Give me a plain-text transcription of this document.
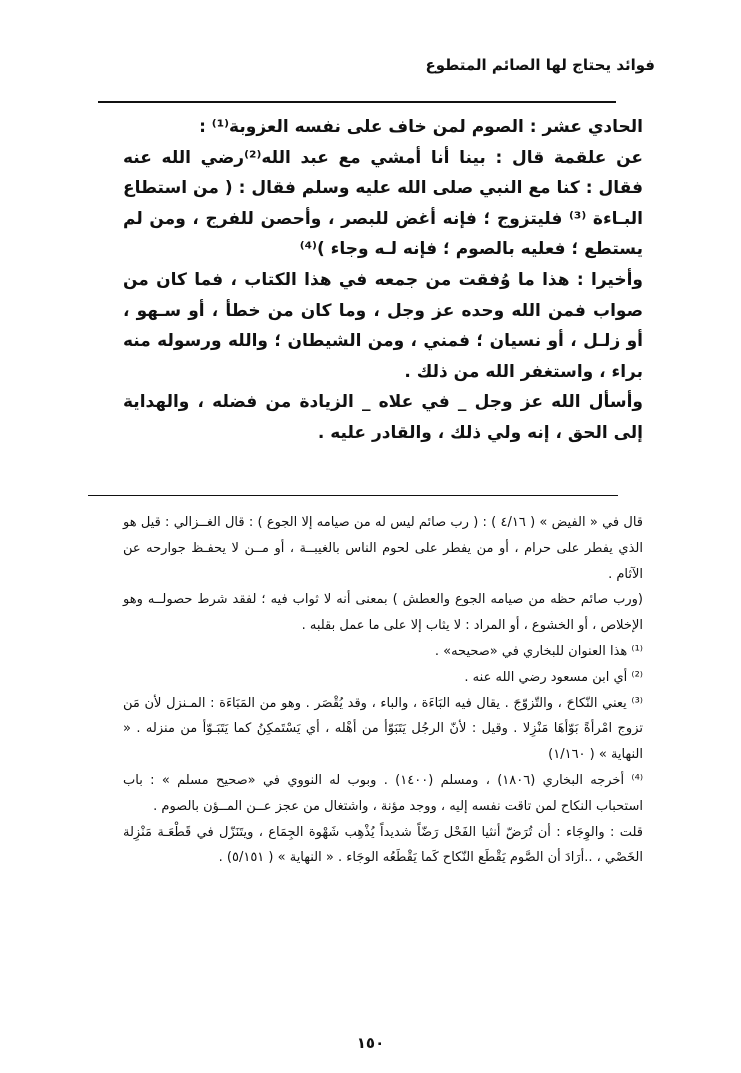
فوائد يحتاج لها الصائم المتطوع

الحادي عشر : الصوم لمن خاف على نفسه العزوبة⁽¹⁾ :

عن علقمة قال : بينا أنا أمشي مع عبد الله⁽²⁾رضي الله عنه فقال : كنا مع النبي صلى الله عليه وسلم فقال : ( من استطاع البـاءة ⁽³⁾ فليتزوج ؛ فإنه أغض للبصر ، وأحصن للفرج ، ومن لم يستطع ؛ فعليه بالصوم ؛ فإنه لـه وجاء )⁽⁴⁾

وأخيرا : هذا ما وُفقت من جمعه في هذا الكتاب ، فما كان من صواب فمن الله وحده عز وجل ، وما كان من خطأ ، أو سـهو ، أو زلـل ، أو نسيان ؛ فمني ، ومن الشيطان ؛ والله ورسوله منه براء ، واستغفر الله من ذلك .

وأسأل الله عز وجل _ في علاه _ الزيادة من فضله ، والهداية إلى الحق ، إنه ولي ذلك ، والقادر عليه .

قال في « الفيض » ( ٤/١٦ ) : ( رب صائم ليس له من صيامه إلا الجوع ) : قال الغــزالي : قيل هو الذي يفطر على حرام ، أو من يفطر على لحوم الناس بالغيبــة ، أو مــن لا يحفـظ جوارحه عن الآثام .

(ورب صائم حظه من صيامه الجوع والعطش ) بمعنى أنه لا ثواب فيه ؛ لفقد شرط حصولــه وهو الإخلاص ، أو الخشوع ، أو المراد : لا يثاب إلا على ما عمل بقلبه .

⁽¹⁾ هذا العنوان للبخاري في «صحيحه» .

⁽²⁾ أي ابن مسعود رضي الله عنه .

⁽³⁾ يعني النّكاحَ ، والتّزوّجَ . يقال فيه البَاءَة ، والباء ، وقد يُقْصَر . وهو من المَبَاءَة : المـنزل لأن مَن تزوج امْرأةً بَوّأهَا مَنْزِلا . وقيل : لأنّ الرجُل يَتَبَوّأ من أهْله ، أي يَسْتَمكِنُ كما يَتَبَـوّأ من منزله . « النهاية » ( ١/١٦٠)

⁽⁴⁾ أخرجه البخاري (١٨٠٦) ، ومسلم (١٤٠٠) . وبوب له النووي في «صحيح مسلم » : باب استحباب النكاح لمن تاقت نفسه إليه ، ووجد مؤنة ، واشتغال من عجز عــن المــؤن بالصوم .

قلت : والوِجَاء : أن تُرَضّ أنثيا الفَحْل رَضّاً شديداً يُذْهِب شَهْوة الجِمَاع ، ويتَنَزّل في قَطْعَـة مَنْزِلة الخَصْي ، ..أرَادَ أن الصَّوم يَقْطَع النّكاح كَما يَقْطَعُه الوجَاء . « النهاية » ( ٥/١٥١) .

١٥٠
